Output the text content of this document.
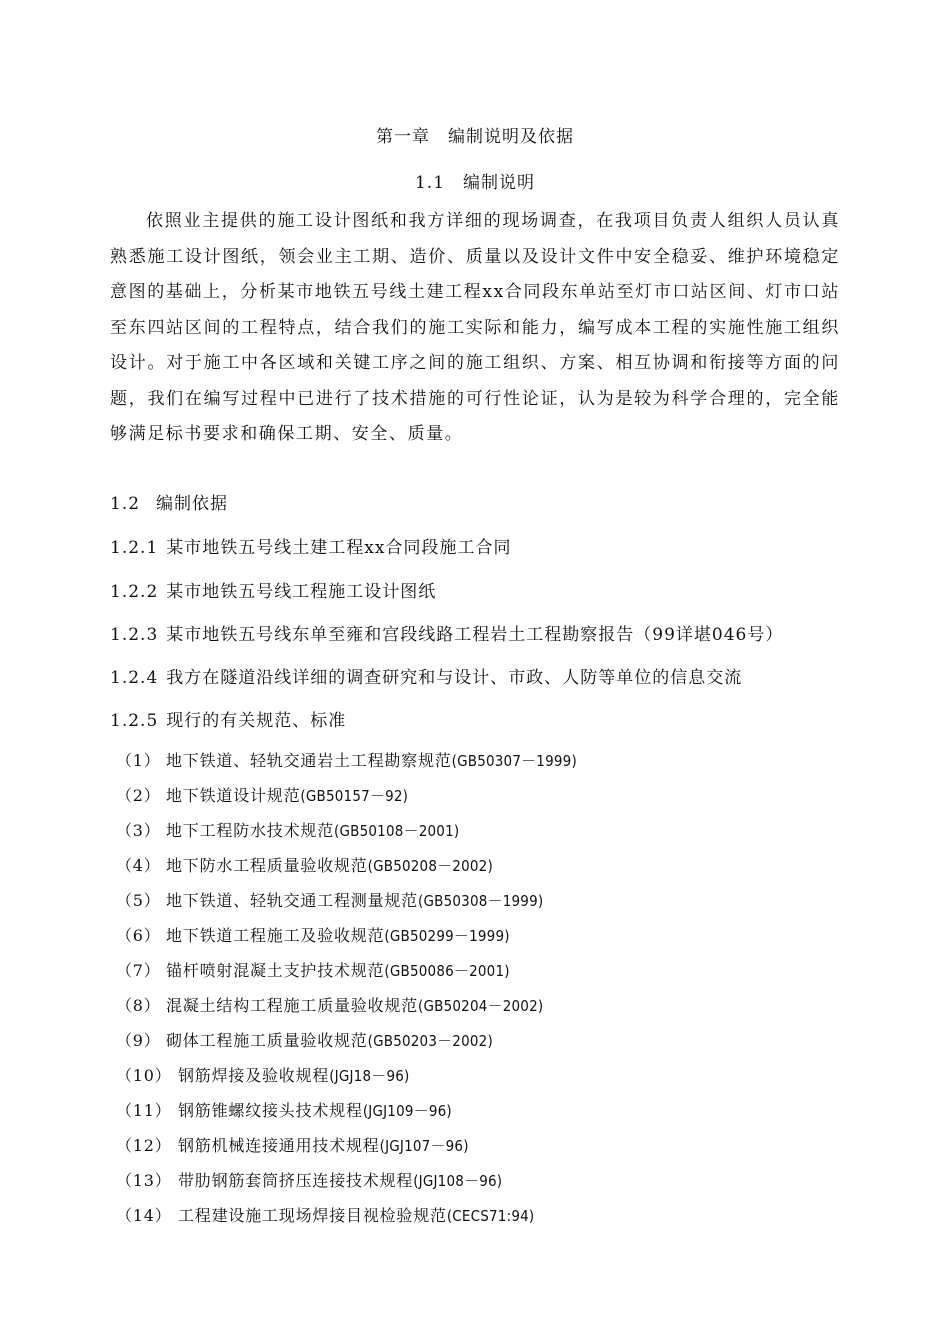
第一章　编制说明及依据
1.1 编制说明

依照业主提供的施工设计图纸和我方详细的现场调查，在我项目负责人组织人员认真熟悉施工设计图纸，领会业主工期、造价、质量以及设计文件中安全稳妥、维护环境稳定意图的基础上，分析某市地铁五号线土建工程xx合同段东单站至灯市口站区间、灯市口站至东四站区间的工程特点，结合我们的施工实际和能力，编写成本工程的实施性施工组织设计。对于施工中各区域和关键工序之间的施工组织、方案、相互协调和衔接等方面的问题，我们在编写过程中已进行了技术措施的可行性论证，认为是较为科学合理的，完全能够满足标书要求和确保工期、安全、质量。

1.2 编制依据
1.2.1 某市地铁五号线土建工程xx合同段施工合同
1.2.2 某市地铁五号线工程施工设计图纸
1.2.3 某市地铁五号线东单至雍和宫段线路工程岩土工程勘察报告（99详堪046号）
1.2.4 我方在隧道沿线详细的调查研究和与设计、市政、人防等单位的信息交流
1.2.5 现行的有关规范、标准
（1） 地下铁道、轻轨交通岩土工程勘察规范(GB50307－1999)
（2） 地下铁道设计规范(GB50157－92)
（3） 地下工程防水技术规范(GB50108－2001)
（4） 地下防水工程质量验收规范(GB50208－2002)
（5） 地下铁道、轻轨交通工程测量规范(GB50308－1999)
（6） 地下铁道工程施工及验收规范(GB50299－1999)
（7） 锚杆喷射混凝土支护技术规范(GB50086－2001)
（8） 混凝土结构工程施工质量验收规范(GB50204－2002)
（9） 砌体工程施工质量验收规范(GB50203－2002)
（10） 钢筋焊接及验收规程(JGJ18－96)
（11） 钢筋锥螺纹接头技术规程(JGJ109－96)
（12） 钢筋机械连接通用技术规程(JGJ107－96)
（13） 带肋钢筋套筒挤压连接技术规程(JGJ108－96)
（14） 工程建设施工现场焊接目视检验规范(CECS71:94)
